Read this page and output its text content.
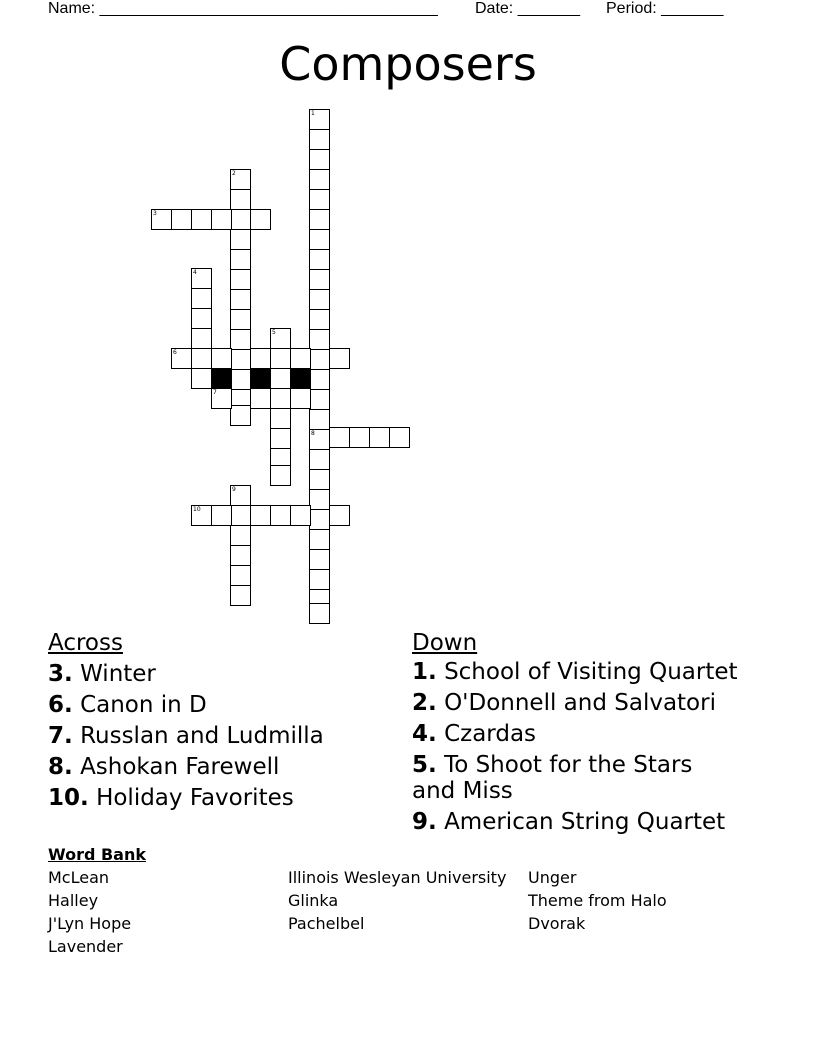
Name: ______________________________________ Date: _______ Period: _______
Composers
1
8
2
3
4
5
6
7
9
10
Across
3. Winter
6. Canon in D
7. Russlan and Ludmilla
8. Ashokan Farewell
10. Holiday Favorites
Down
1. School of Visiting Quartet
2. O'Donnell and Salvatori
4. Czardas
5. To Shoot for the Stars and Miss
9. American String Quartet
Word Bank
McLean
Halley
J'Lyn Hope
Lavender
Illinois Wesleyan University
Glinka
Pachelbel
Unger
Theme from Halo
Dvorak
